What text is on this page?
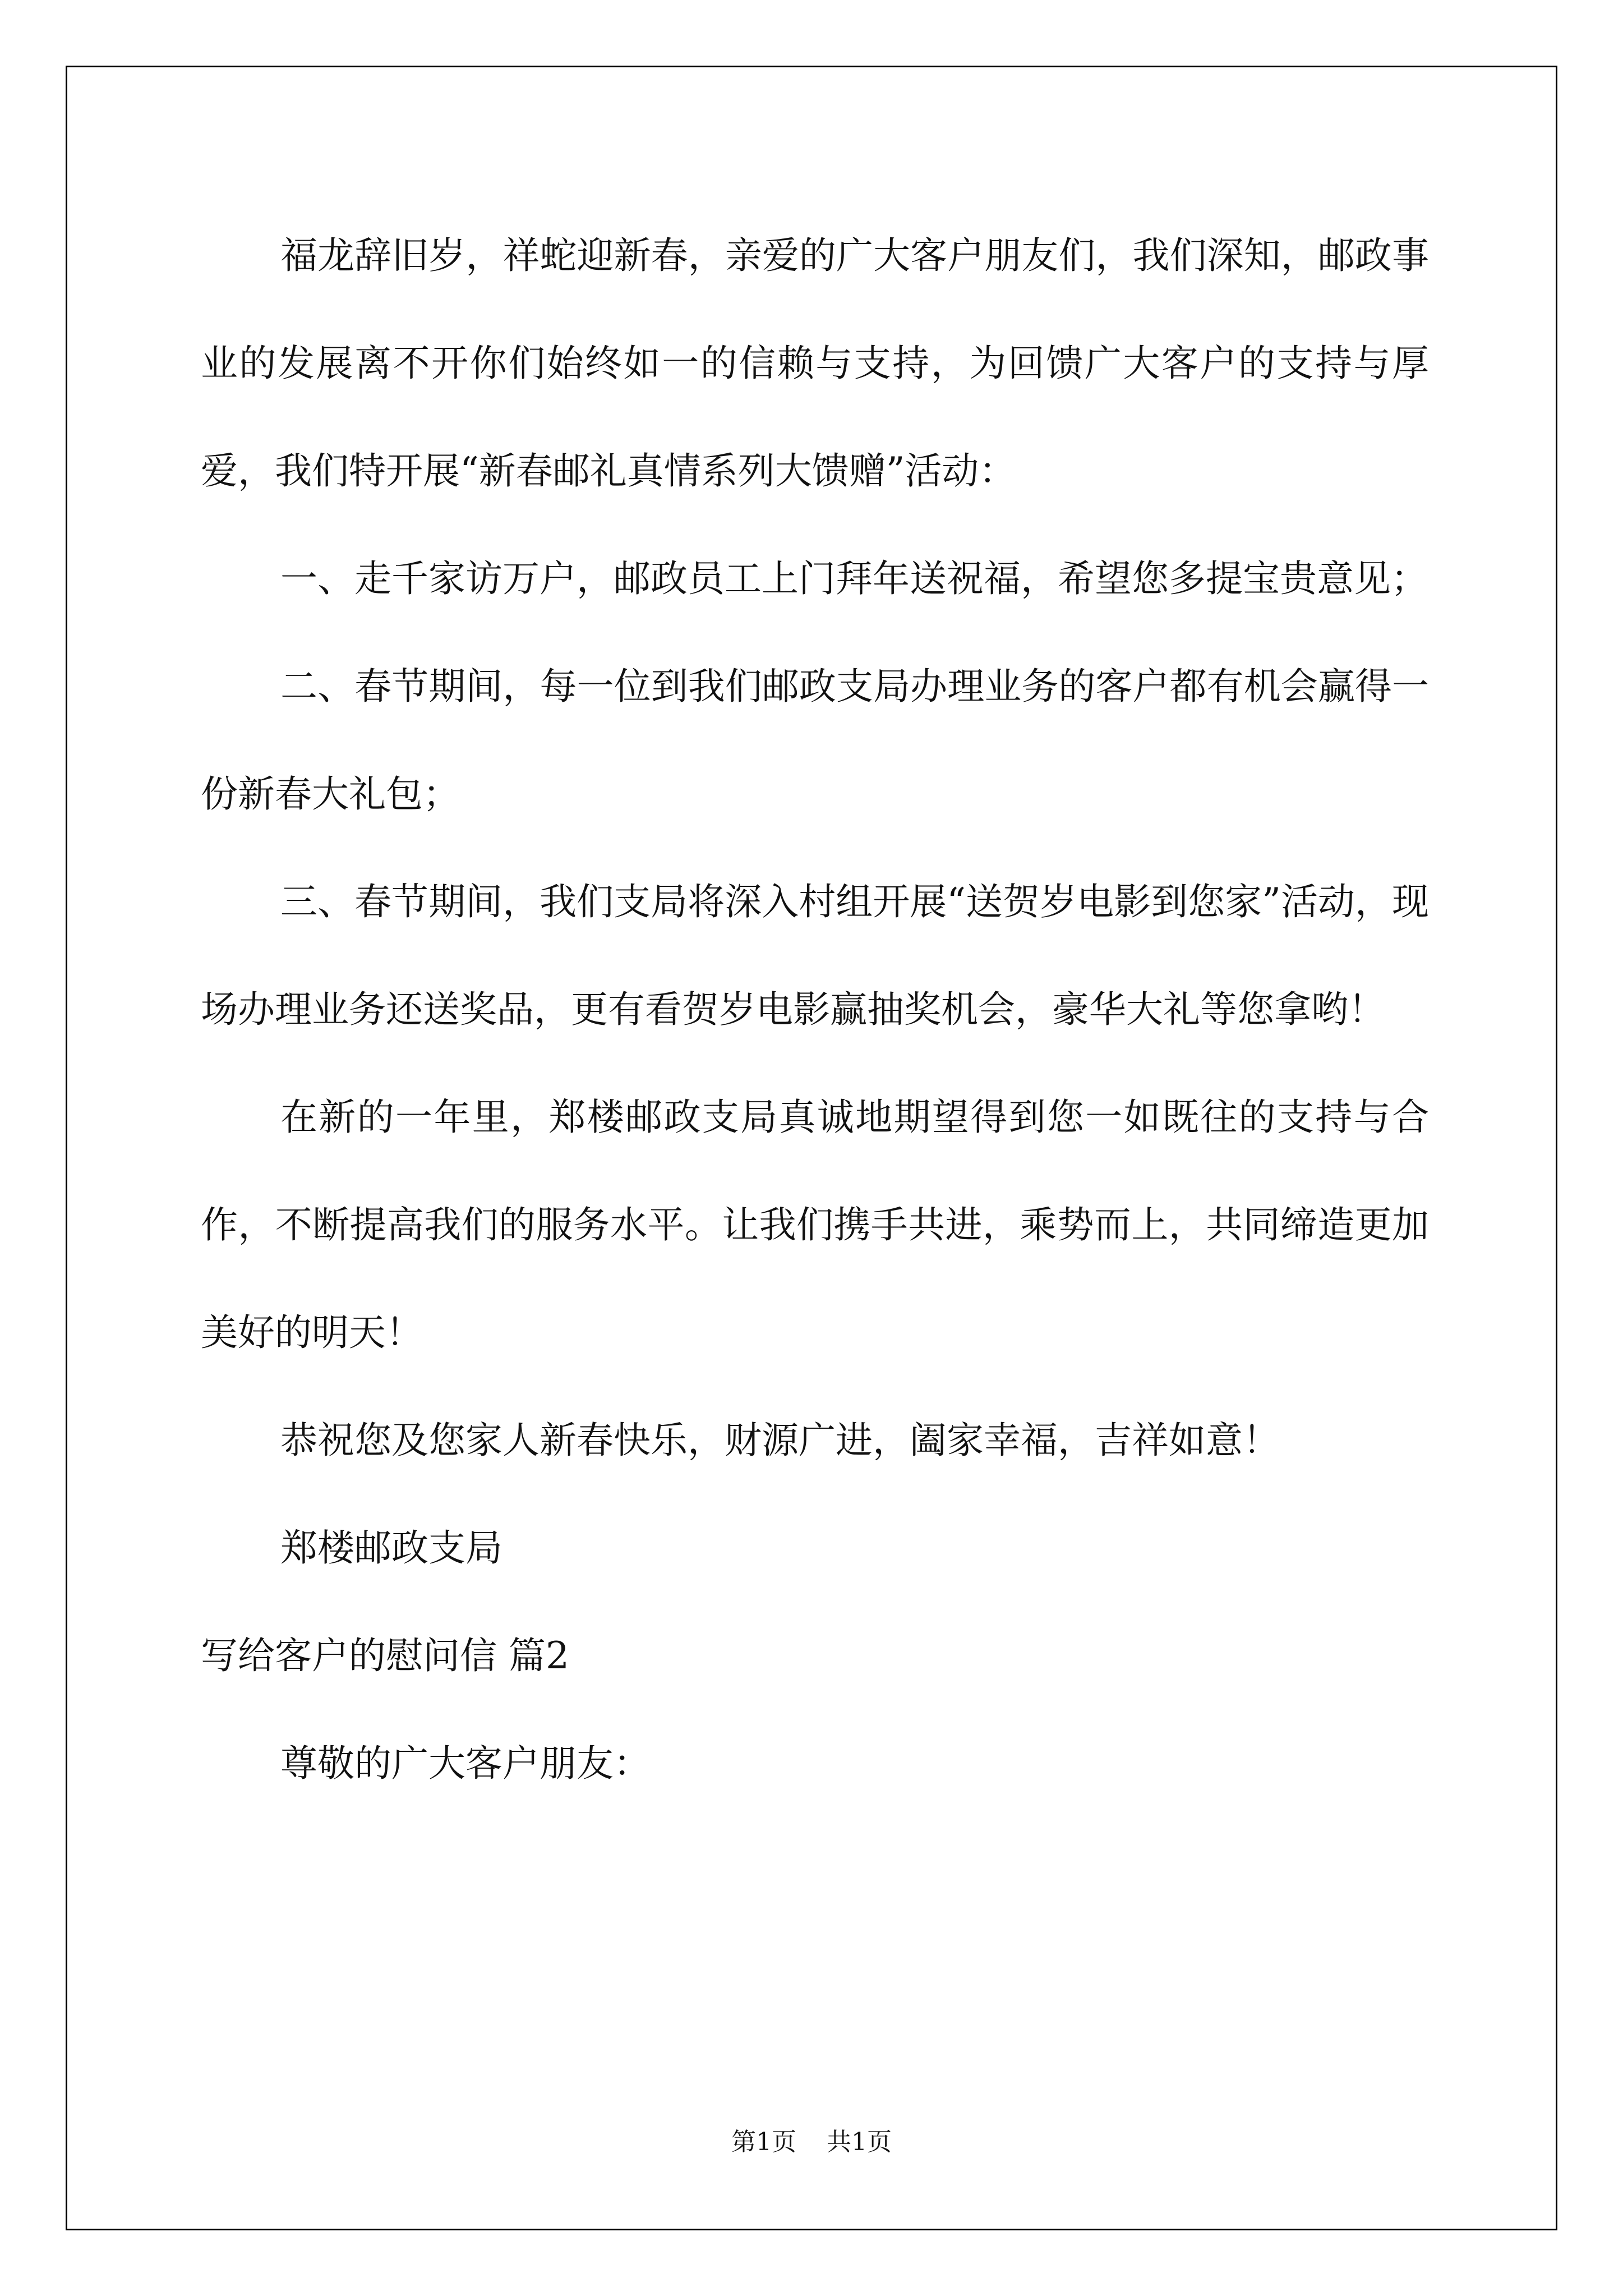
福龙辞旧岁，祥蛇迎新春，亲爱的广大客户朋友们，我们深知，邮政事业的发展离不开你们始终如一的信赖与支持，为回馈广大客户的支持与厚爱，我们特开展“新春邮礼真情系列大馈赠”活动：

一、走千家访万户，邮政员工上门拜年送祝福，希望您多提宝贵意见；

二、春节期间，每一位到我们邮政支局办理业务的客户都有机会赢得一份新春大礼包；

三、春节期间，我们支局将深入村组开展“送贺岁电影到您家”活动，现场办理业务还送奖品，更有看贺岁电影赢抽奖机会，豪华大礼等您拿哟！

在新的一年里，郑楼邮政支局真诚地期望得到您一如既往的支持与合作，不断提高我们的服务水平。让我们携手共进，乘势而上，共同缔造更加美好的明天！

恭祝您及您家人新春快乐，财源广进，阖家幸福，吉祥如意！

郑楼邮政支局

写给客户的慰问信 篇2

尊敬的广大客户朋友：

第1页 共1页
